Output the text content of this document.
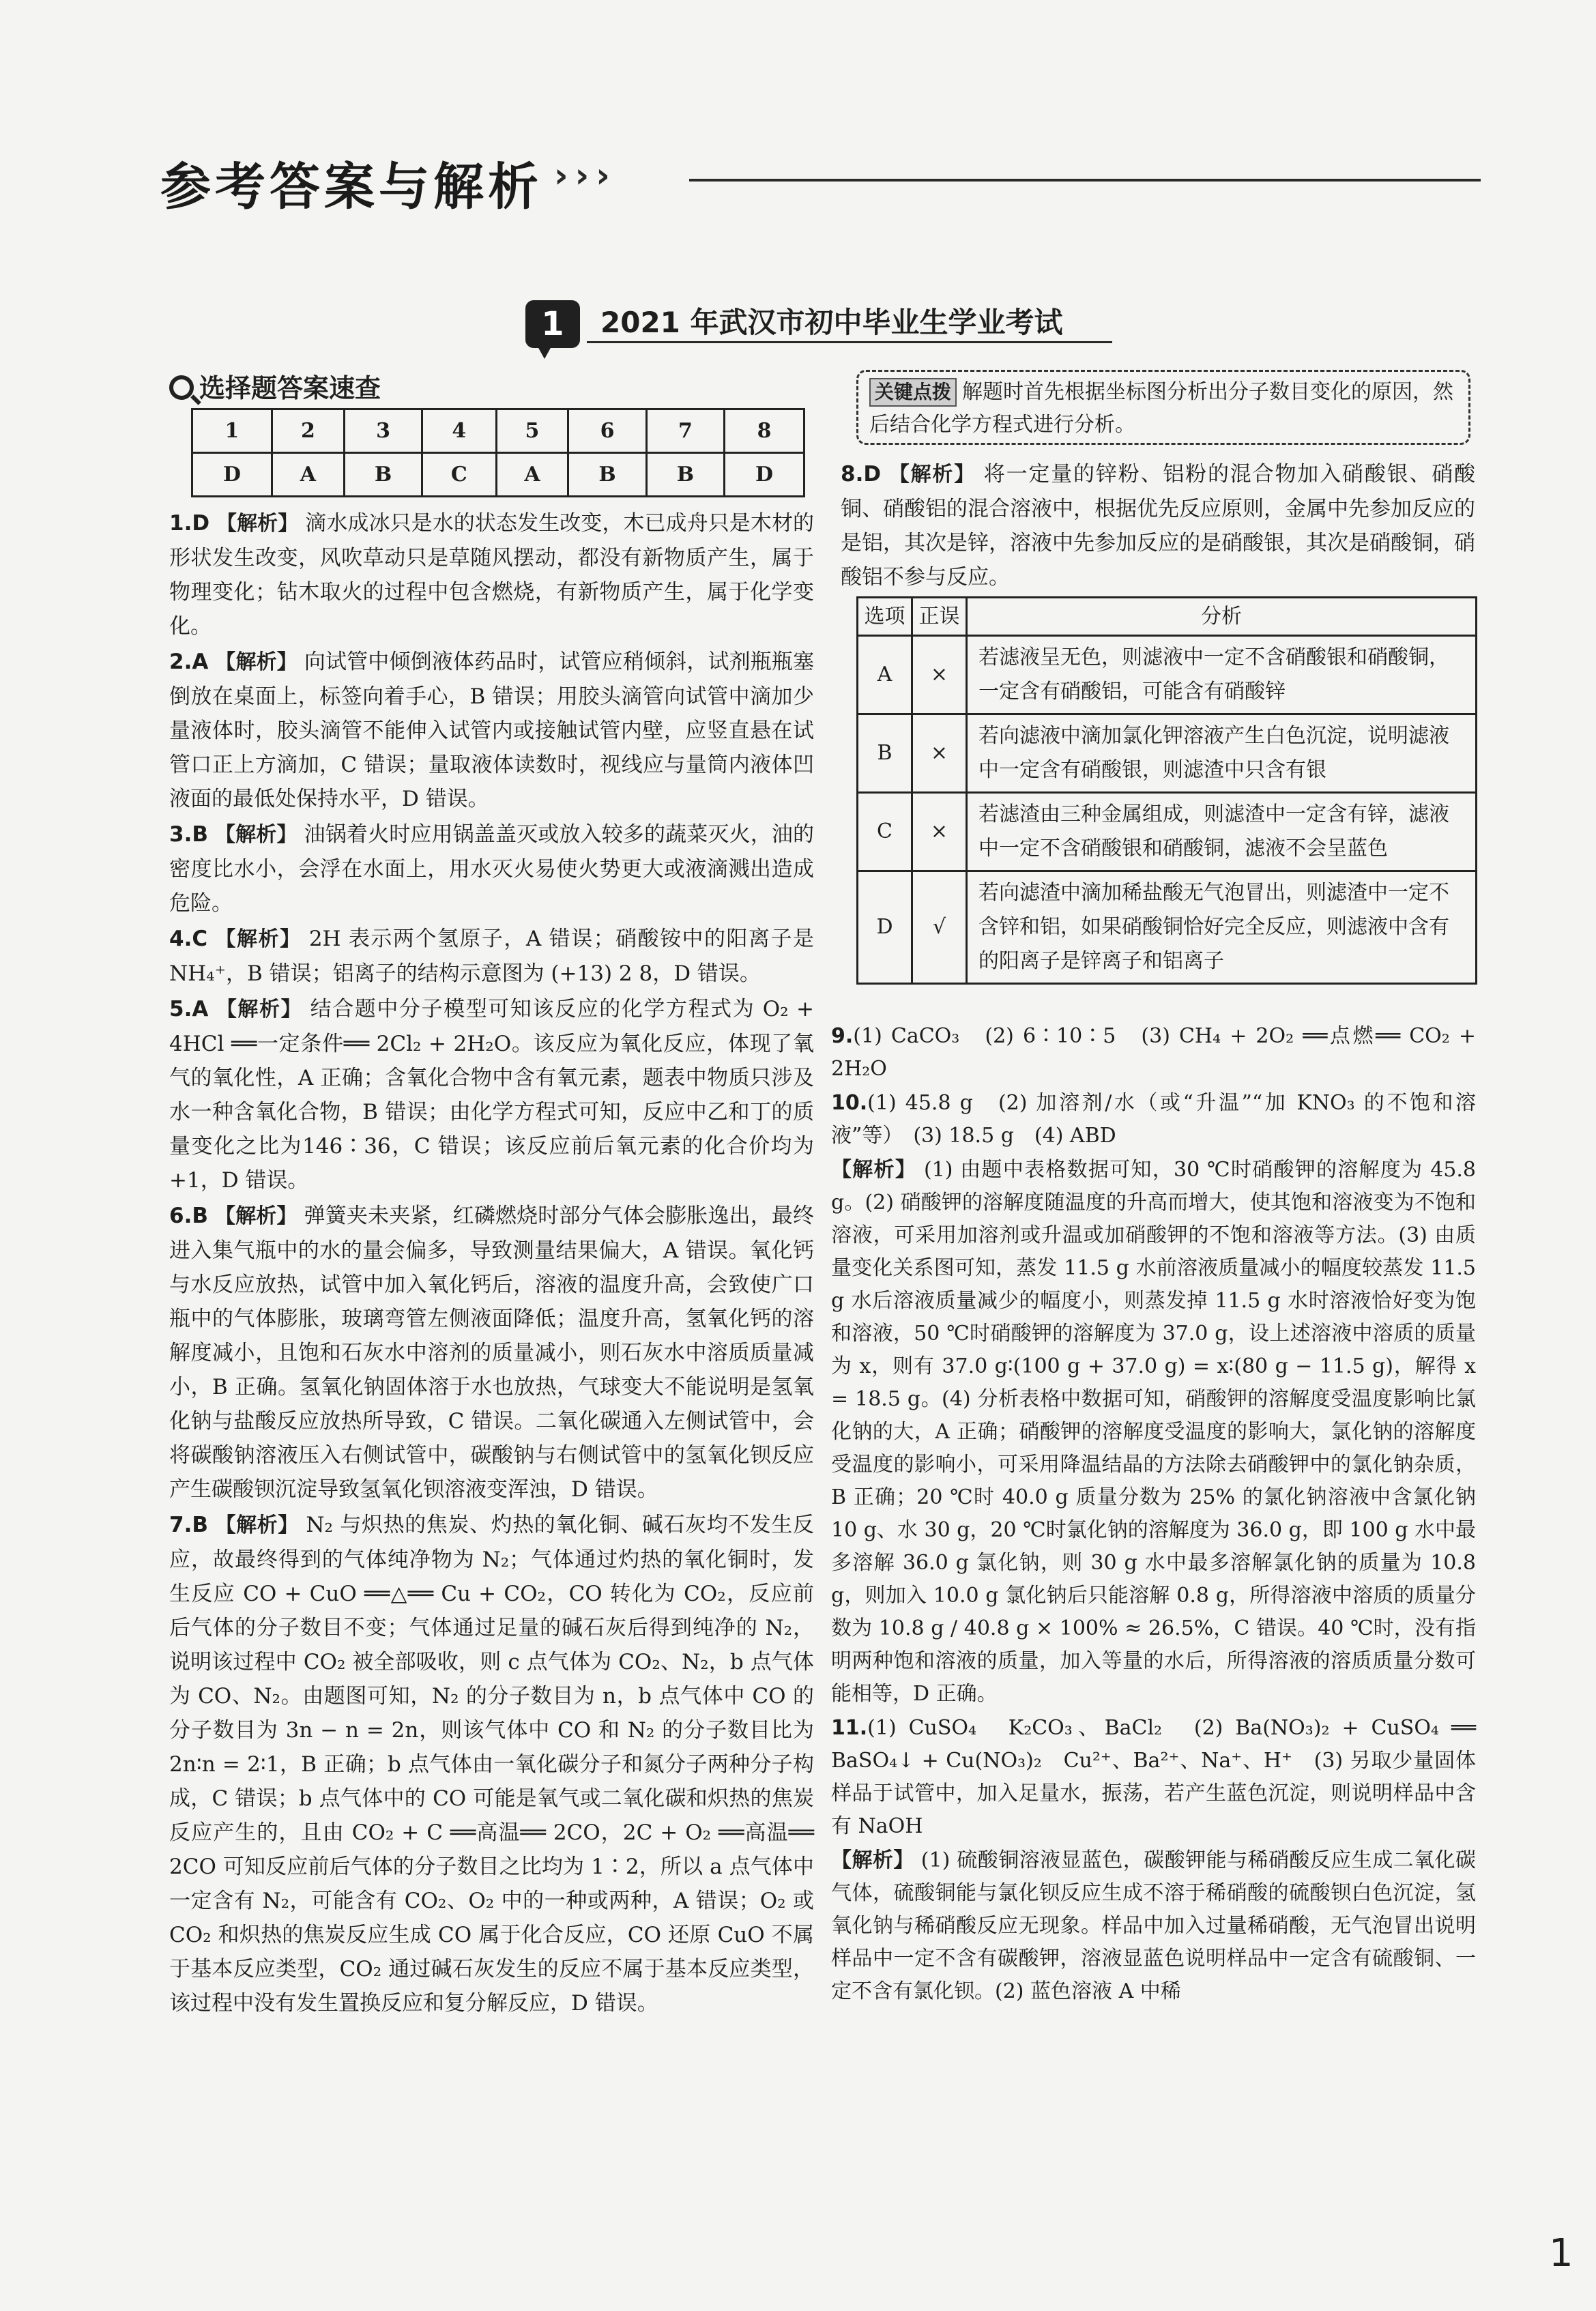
参考答案与解析 ›››
1	2021 年武汉市初中毕业生学业考试
选择题答案速查
1	2	3	4	5	6	7	8
D	A	B	C	A	B	B	D

1.D 【解析】 滴水成冰只是水的状态发生改变，木已成舟只是木材的形状发生改变，风吹草动只是草随风摆动，都没有新物质产生，属于物理变化；钻木取火的过程中包含燃烧，有新物质产生，属于化学变化。

2.A 【解析】 向试管中倾倒液体药品时，试管应稍倾斜，试剂瓶瓶塞倒放在桌面上，标签向着手心，B 错误；用胶头滴管向试管中滴加少量液体时，胶头滴管不能伸入试管内或接触试管内壁，应竖直悬在试管口正上方滴加，C 错误；量取液体读数时，视线应与量筒内液体凹液面的最低处保持水平，D 错误。

3.B 【解析】 油锅着火时应用锅盖盖灭或放入较多的蔬菜灭火，油的密度比水小，会浮在水面上，用水灭火易使火势更大或液滴溅出造成危险。

4.C 【解析】 2H 表示两个氢原子，A 错误；硝酸铵中的阳离子是 NH₄⁺，B 错误；铝离子的结构示意图为 (+13) 2 8，D 错误。

5.A 【解析】 结合题中分子模型可知该反应的化学方程式为 O₂ + 4HCl ══一定条件══ 2Cl₂ + 2H₂O。该反应为氧化反应，体现了氧气的氧化性，A 正确；含氧化合物中含有氧元素，题表中物质只涉及水一种含氧化合物，B 错误；由化学方程式可知，反应中乙和丁的质量变化之比为146∶36，C 错误；该反应前后氧元素的化合价均为 +1，D 错误。

6.B 【解析】 弹簧夹未夹紧，红磷燃烧时部分气体会膨胀逸出，最终进入集气瓶中的水的量会偏多，导致测量结果偏大，A 错误。氧化钙与水反应放热，试管中加入氧化钙后，溶液的温度升高，会致使广口瓶中的气体膨胀，玻璃弯管左侧液面降低；温度升高，氢氧化钙的溶解度减小，且饱和石灰水中溶剂的质量减小，则石灰水中溶质质量减小，B 正确。氢氧化钠固体溶于水也放热，气球变大不能说明是氢氧化钠与盐酸反应放热所导致，C 错误。二氧化碳通入左侧试管中，会将碳酸钠溶液压入右侧试管中，碳酸钠与右侧试管中的氢氧化钡反应产生碳酸钡沉淀导致氢氧化钡溶液变浑浊，D 错误。

7.B 【解析】 N₂ 与炽热的焦炭、灼热的氧化铜、碱石灰均不发生反应，故最终得到的气体纯净物为 N₂；气体通过灼热的氧化铜时，发生反应 CO + CuO ══△══ Cu + CO₂，CO 转化为 CO₂，反应前后气体的分子数目不变；气体通过足量的碱石灰后得到纯净的 N₂，说明该过程中 CO₂ 被全部吸收，则 c 点气体为 CO₂、N₂，b 点气体为 CO、N₂。由题图可知，N₂ 的分子数目为 n，b 点气体中 CO 的分子数目为 3n − n = 2n，则该气体中 CO 和 N₂ 的分子数目比为 2n∶n = 2∶1，B 正确；b 点气体由一氧化碳分子和氮分子两种分子构成，C 错误；b 点气体中的 CO 可能是氧气或二氧化碳和炽热的焦炭反应产生的，且由 CO₂ + C ══高温══ 2CO，2C + O₂ ══高温══ 2CO 可知反应前后气体的分子数目之比均为 1∶2，所以 a 点气体中一定含有 N₂，可能含有 CO₂、O₂ 中的一种或两种，A 错误；O₂ 或 CO₂ 和炽热的焦炭反应生成 CO 属于化合反应，CO 还原 CuO 不属于基本反应类型，CO₂ 通过碱石灰发生的反应不属于基本反应类型，该过程中没有发生置换反应和复分解反应，D 错误。

关键点拨 解题时首先根据坐标图分析出分子数目变化的原因，然后结合化学方程式进行分析。

8.D 【解析】 将一定量的锌粉、铝粉的混合物加入硝酸银、硝酸铜、硝酸铝的混合溶液中，根据优先反应原则，金属中先参加反应的是铝，其次是锌，溶液中先参加反应的是硝酸银，其次是硝酸铜，硝酸铝不参与反应。

选项	正误	分析
A	×	若滤液呈无色，则滤液中一定不含硝酸银和硝酸铜，一定含有硝酸铝，可能含有硝酸锌
B	×	若向滤液中滴加氯化钾溶液产生白色沉淀，说明滤液中一定含有硝酸银，则滤渣中只含有银
C	×	若滤渣由三种金属组成，则滤渣中一定含有锌，滤液中一定不含硝酸银和硝酸铜，滤液不会呈蓝色
D	√	若向滤渣中滴加稀盐酸无气泡冒出，则滤渣中一定不含锌和铝，如果硝酸铜恰好完全反应，则滤液中含有的阳离子是锌离子和铝离子

9.(1) CaCO₃　(2) 6∶10∶5　(3) CH₄ + 2O₂ ══点燃══ CO₂ + 2H₂O

10.(1) 45.8 g　(2) 加溶剂/水（或“升温”“加 KNO₃ 的不饱和溶液”等）　(3) 18.5 g　(4) ABD

【解析】 (1) 由题中表格数据可知，30 ℃时硝酸钾的溶解度为 45.8 g。(2) 硝酸钾的溶解度随温度的升高而增大，使其饱和溶液变为不饱和溶液，可采用加溶剂或升温或加硝酸钾的不饱和溶液等方法。(3) 由质量变化关系图可知，蒸发 11.5 g 水前溶液质量减小的幅度较蒸发 11.5 g 水后溶液质量减少的幅度小，则蒸发掉 11.5 g 水时溶液恰好变为饱和溶液，50 ℃时硝酸钾的溶解度为 37.0 g，设上述溶液中溶质的质量为 x，则有 37.0 g∶(100 g + 37.0 g) = x∶(80 g − 11.5 g)，解得 x = 18.5 g。(4) 分析表格中数据可知，硝酸钾的溶解度受温度影响比氯化钠的大，A 正确；硝酸钾的溶解度受温度的影响大，氯化钠的溶解度受温度的影响小，可采用降温结晶的方法除去硝酸钾中的氯化钠杂质，B 正确；20 ℃时 40.0 g 质量分数为 25% 的氯化钠溶液中含氯化钠 10 g、水 30 g，20 ℃时氯化钠的溶解度为 36.0 g，即 100 g 水中最多溶解 36.0 g 氯化钠，则 30 g 水中最多溶解氯化钠的质量为 10.8 g，则加入 10.0 g 氯化钠后只能溶解 0.8 g，所得溶液中溶质的质量分数为 10.8 g / 40.8 g × 100% ≈ 26.5%，C 错误。40 ℃时，没有指明两种饱和溶液的质量，加入等量的水后，所得溶液的溶质质量分数可能相等，D 正确。

11.(1) CuSO₄　K₂CO₃、BaCl₂　(2) Ba(NO₃)₂ + CuSO₄ ══ BaSO₄↓ + Cu(NO₃)₂　Cu²⁺、Ba²⁺、Na⁺、H⁺　(3) 另取少量固体样品于试管中，加入足量水，振荡，若产生蓝色沉淀，则说明样品中含有 NaOH

【解析】 (1) 硫酸铜溶液显蓝色，碳酸钾能与稀硝酸反应生成二氧化碳气体，硫酸铜能与氯化钡反应生成不溶于稀硝酸的硫酸钡白色沉淀，氢氧化钠与稀硝酸反应无现象。样品中加入过量稀硝酸，无气泡冒出说明样品中一定不含有碳酸钾，溶液显蓝色说明样品中一定含有硫酸铜、一定不含有氯化钡。(2) 蓝色溶液 A 中稀

1
